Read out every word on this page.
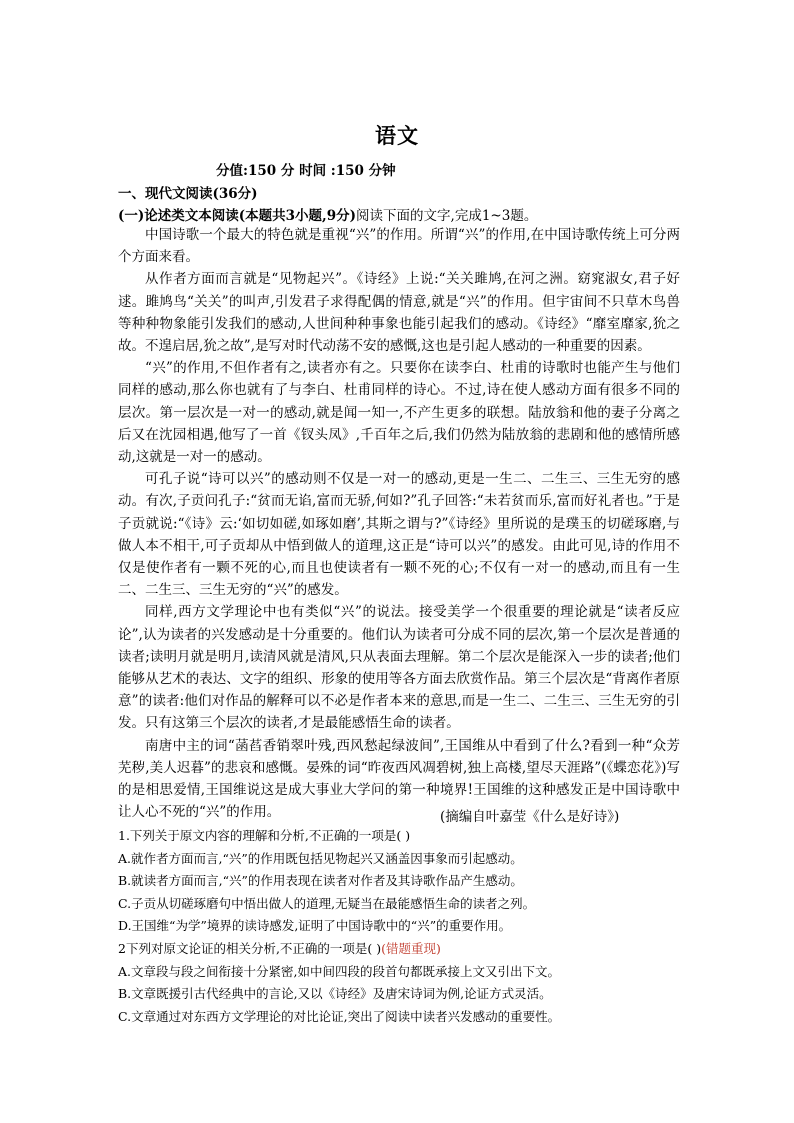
语文
分值:150 分 时间 :150 分钟
一、现代文阅读(36分)
(一)论述类文本阅读(本题共3小题,9分)阅读下面的文字,完成1~3题。

中国诗歌一个最大的特色就是重视“兴”的作用。所谓“兴”的作用,在中国诗歌传统上可分两个方面来看。

从作者方面而言就是“见物起兴”。《诗经》上说:“关关雎鸠,在河之洲。窈窕淑女,君子好逑。雎鸠鸟“关关”的叫声,引发君子求得配偶的情意,就是“兴”的作用。但宇宙间不只草木鸟兽等种种物象能引发我们的感动,人世间种种事象也能引起我们的感动。《诗经》“靡室靡家,狁之故。不遑启居,狁之故”,是写对时代动荡不安的感慨,这也是引起人感动的一种重要的因素。

“兴”的作用,不但作者有之,读者亦有之。只要你在读李白、杜甫的诗歌时也能产生与他们同样的感动,那么你也就有了与李白、杜甫同样的诗心。不过,诗在使人感动方面有很多不同的层次。第一层次是一对一的感动,就是闻一知一,不产生更多的联想。陆放翁和他的妻子分离之后又在沈园相遇,他写了一首《钗头凤》,千百年之后,我们仍然为陆放翁的悲剧和他的感情所感动,这就是一对一的感动。

可孔子说“诗可以兴”的感动则不仅是一对一的感动,更是一生二、二生三、三生无穷的感动。有次,子贡问孔子:“贫而无谄,富而无骄,何如?”孔子回答:“未若贫而乐,富而好礼者也。”于是子贡就说:“《诗》云:‘如切如磋,如琢如磨’,其斯之谓与?”《诗经》里所说的是璞玉的切磋琢磨,与做人本不相干,可子贡却从中悟到做人的道理,这正是“诗可以兴”的感发。由此可见,诗的作用不仅是使作者有一颗不死的心,而且也使读者有一颗不死的心;不仅有一对一的感动,而且有一生二、二生三、三生无穷的“兴”的感发。

同样,西方文学理论中也有类似“兴”的说法。接受美学一个很重要的理论就是“读者反应论”,认为读者的兴发感动是十分重要的。他们认为读者可分成不同的层次,第一个层次是普通的读者;读明月就是明月,读清风就是清风,只从表面去理解。第二个层次是能深入一步的读者;他们能够从艺术的表达、文字的组织、形象的使用等各方面去欣赏作品。第三个层次是“背离作者原意”的读者:他们对作品的解释可以不必是作者本来的意思,而是一生二、二生三、三生无穷的引发。只有这第三个层次的读者,才是最能感悟生命的读者。

南唐中主的词“菡萏香销翠叶残,西风愁起绿波间”,王国维从中看到了什么?看到一种“众芳芜秽,美人迟暮”的悲哀和感慨。晏殊的词“昨夜西风凋碧树,独上高楼,望尽天涯路”(《蝶恋花》)写的是相思爱情,王国维说这是成大事业大学问的第一种境界!王国维的这种感发正是中国诗歌中让人心不死的“兴”的作用。	(摘编自叶嘉莹《什么是好诗》)

1.下列关于原文内容的理解和分析,不正确的一项是( )

A.就作者方面而言,“兴”的作用既包括见物起兴又涵盖因事象而引起感动。

B.就读者方面而言,“兴”的作用表现在读者对作者及其诗歌作品产生感动。

C.子贡从切磋琢磨句中悟出做人的道理,无疑当在最能感悟生命的读者之列。

D.王国维“为学”境界的读诗感发,证明了中国诗歌中的“兴”的重要作用。

2下列对原文论证的相关分析,不正确的一项是( )(错题重现)

A.文章段与段之间衔接十分紧密,如中间四段的段首句都既承接上文又引出下文。

B.文章既援引古代经典中的言论,又以《诗经》及唐宋诗词为例,论证方式灵活。

C.文章通过对东西方文学理论的对比论证,突出了阅读中读者兴发感动的重要性。
